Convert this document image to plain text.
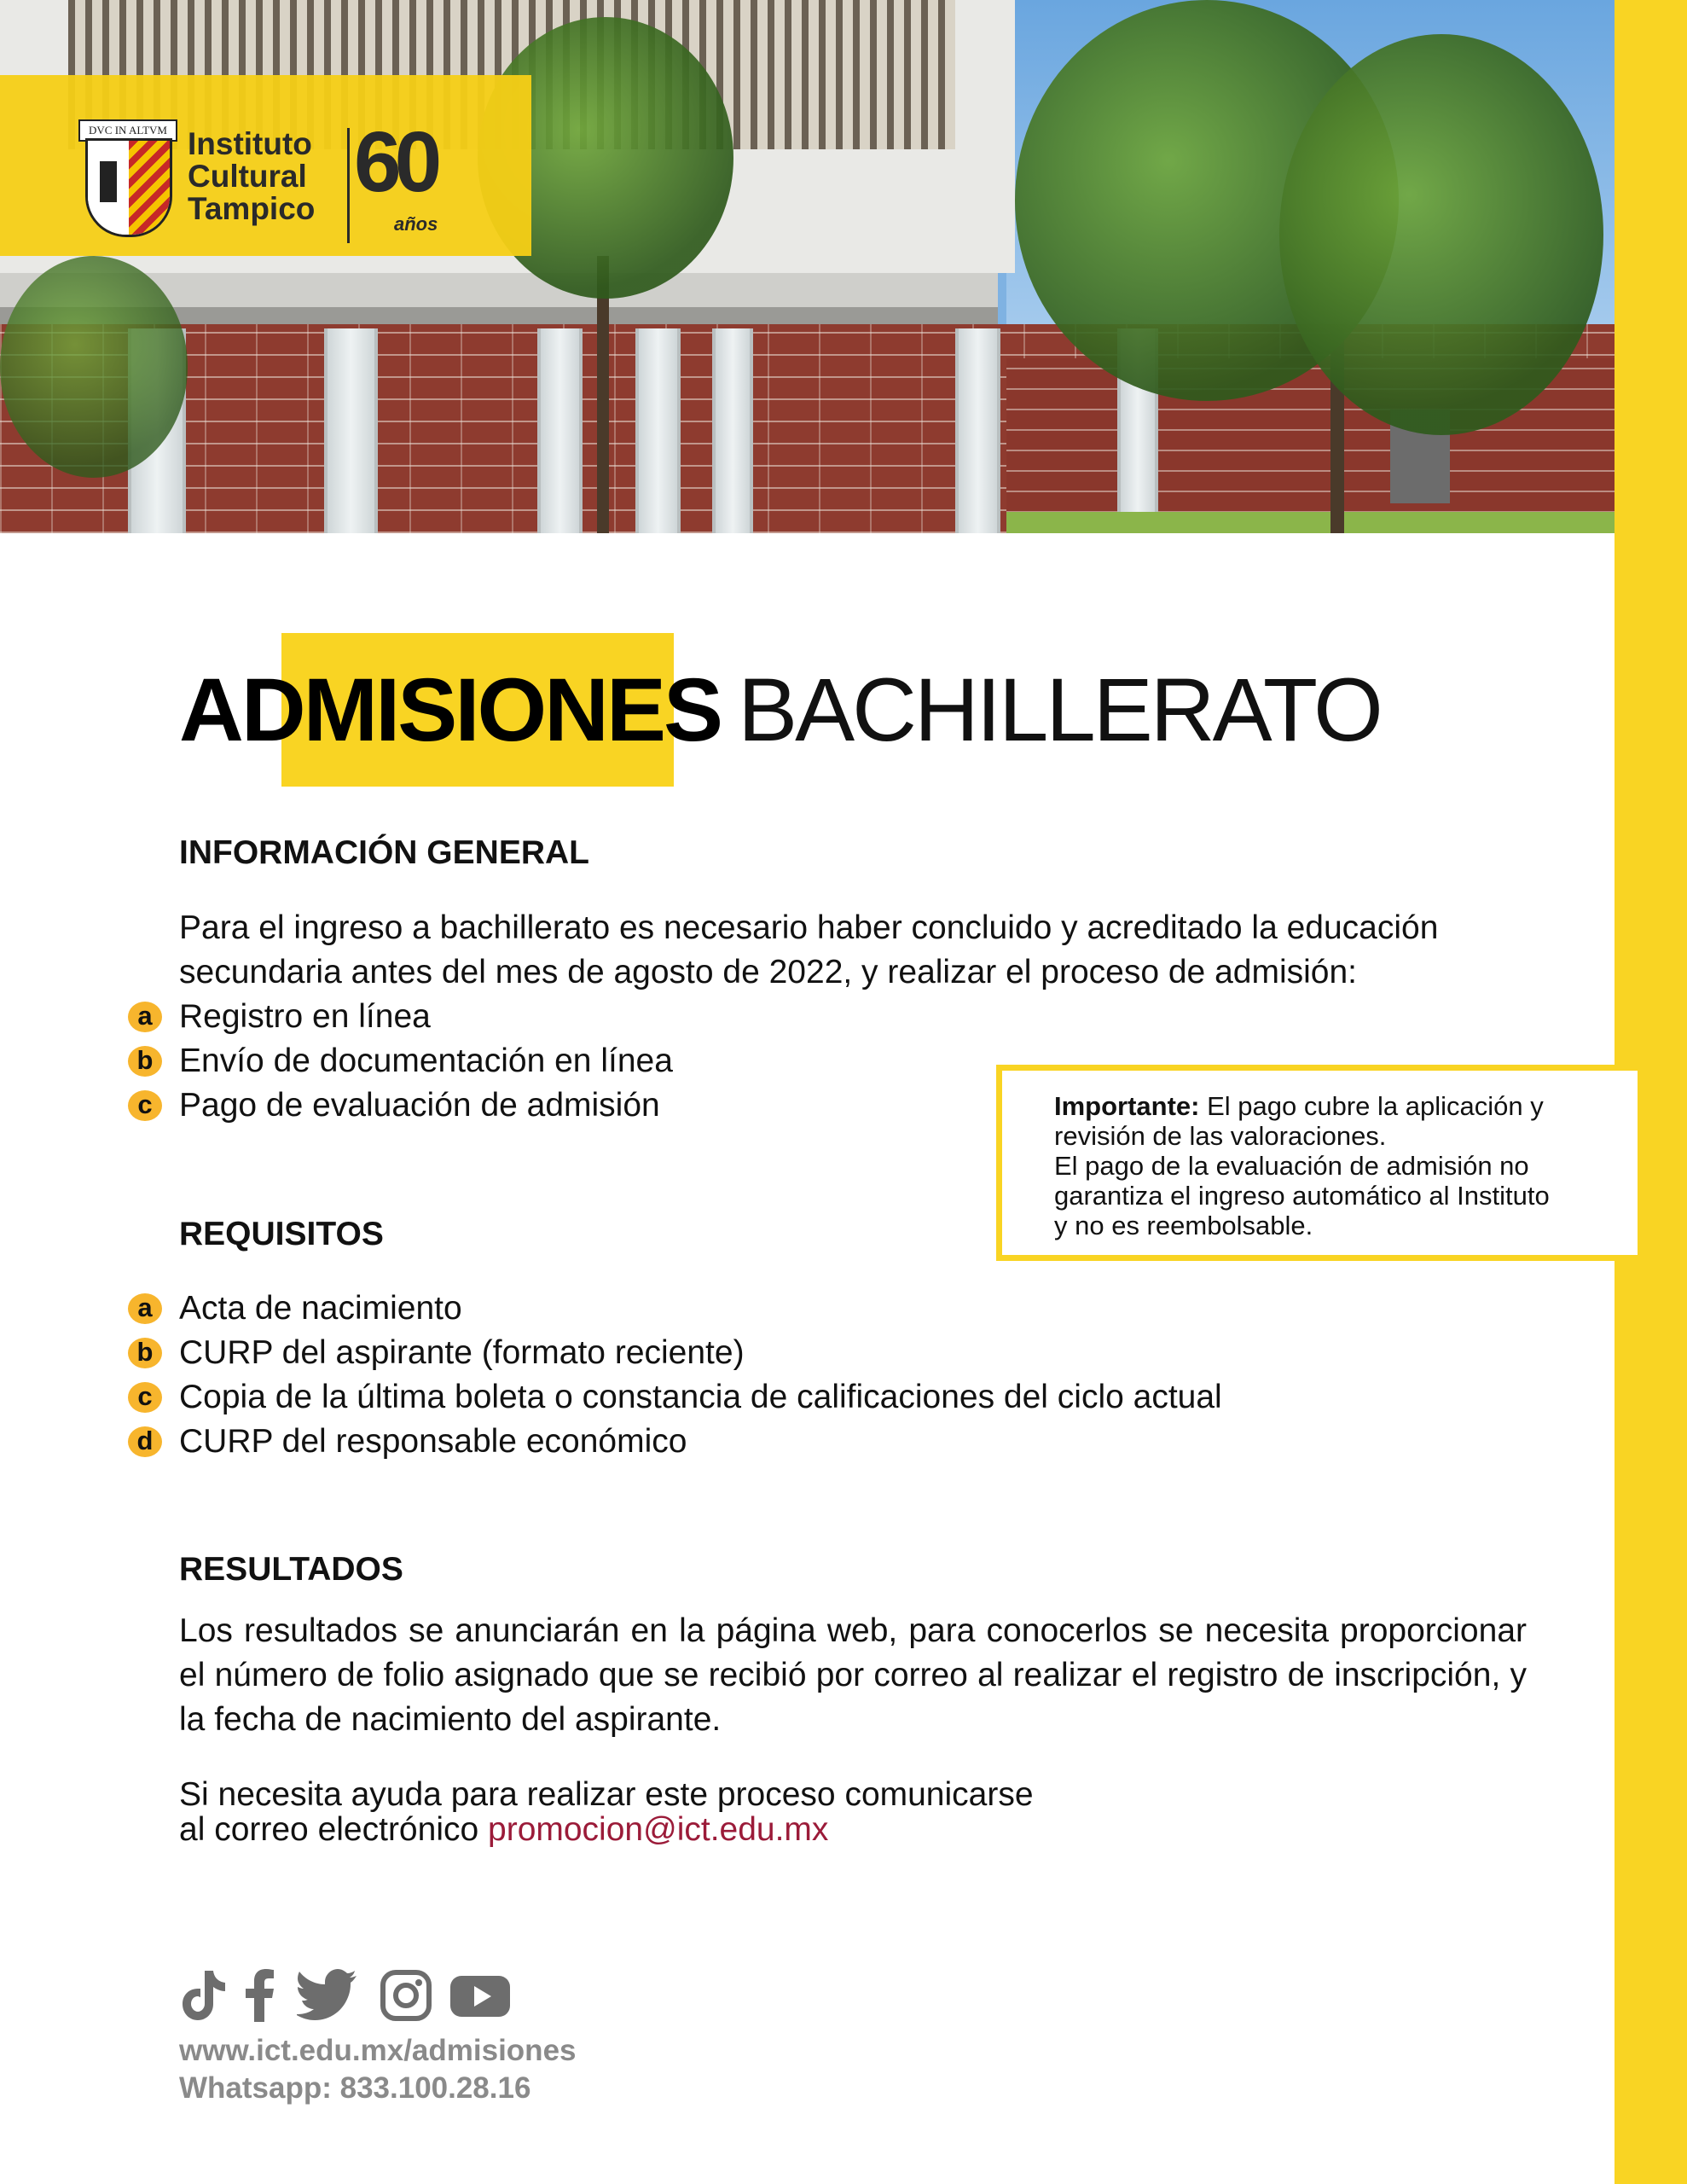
DVC IN ALTVM Instituto
Cultural
Tampico 60
años
ADMISIONES BACHILLERATO
INFORMACIÓN GENERAL
Para el ingreso a bachillerato es necesario haber concluido y acreditado la educación
secundaria antes del mes de agosto de 2022, y realizar el proceso de admisión:
a Registro en línea
b Envío de documentación en línea
c Pago de evaluación de admisión	Importante: El pago cubre la aplicación y
revisión de las valoraciones.
El pago de la evaluación de admisión no
garantiza el ingreso automático al Instituto
y no es reembolsable.
REQUISITOS
a Acta de nacimiento
b CURP del aspirante (formato reciente)
c Copia de la última boleta o constancia de calificaciones del ciclo actual
d CURP del responsable económico
RESULTADOS
Los resultados se anunciarán en la página web, para conocerlos se necesita proporcionar el número de folio asignado que se recibió por correo al realizar el registro de inscripción, y la fecha de nacimiento del aspirante.
Si necesita ayuda para realizar este proceso comunicarse
al correo electrónico promocion@ict.edu.mx
www.ict.edu.mx/admisiones
Whatsapp: 833.100.28.16
